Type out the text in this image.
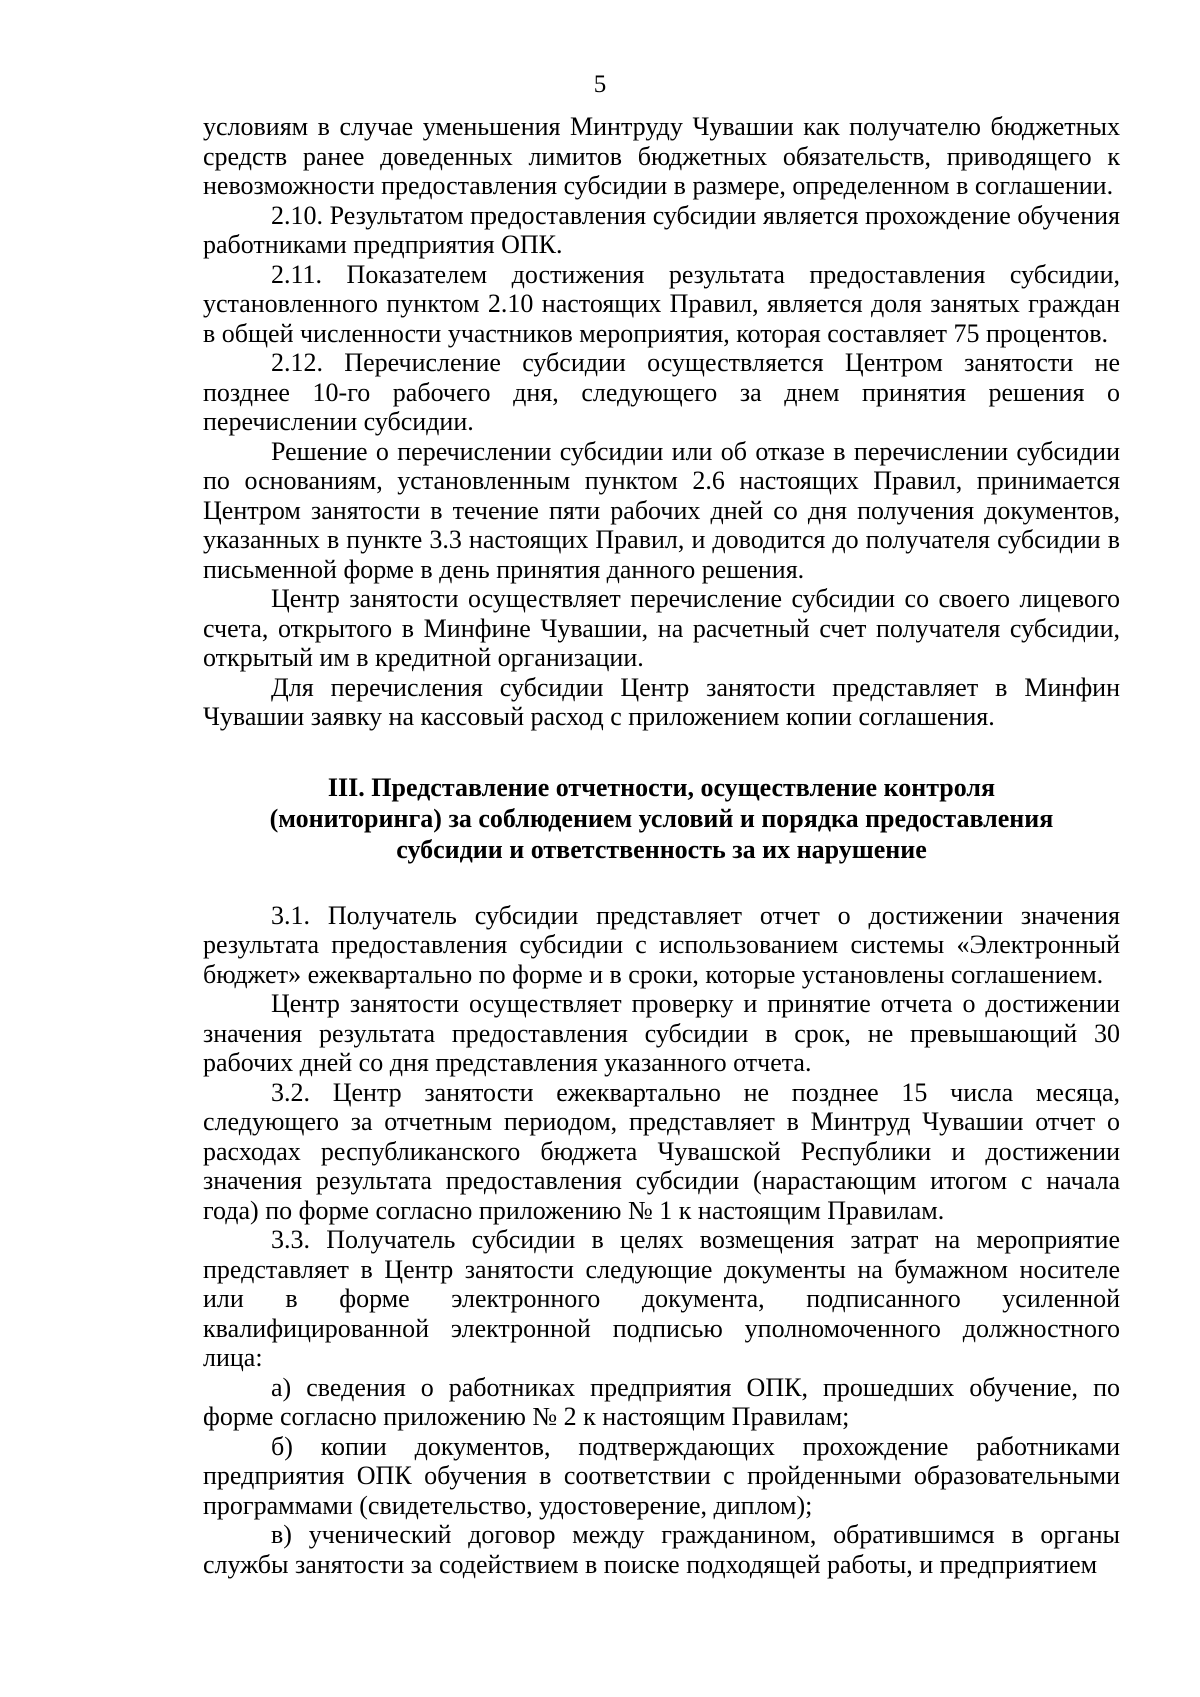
5

условиям в случае уменьшения Минтруду Чувашии как получателю бюджетных средств ранее доведенных лимитов бюджетных обязательств, приводящего к невозможности предоставления субсидии в размере, определенном в соглашении.

2.10. Результатом предоставления субсидии является прохождение обучения работниками предприятия ОПК.

2.11. Показателем достижения результата предоставления субсидии, установленного пунктом 2.10 настоящих Правил, является доля занятых граждан в общей численности участников мероприятия, которая составляет 75 процентов.

2.12. Перечисление субсидии осуществляется Центром занятости не позднее 10-го рабочего дня, следующего за днем принятия решения о перечислении субсидии.

Решение о перечислении субсидии или об отказе в перечислении субсидии по основаниям, установленным пунктом 2.6 настоящих Правил, принимается Центром занятости в течение пяти рабочих дней со дня получения документов, указанных в пункте 3.3 настоящих Правил, и доводится до получателя субсидии в письменной форме в день принятия данного решения.

Центр занятости осуществляет перечисление субсидии со своего лицевого счета, открытого в Минфине Чувашии, на расчетный счет получателя субсидии, открытый им в кредитной организации.

Для перечисления субсидии Центр занятости представляет в Минфин Чувашии заявку на кассовый расход с приложением копии соглашения.

III. Представление отчетности, осуществление контроля
(мониторинга) за соблюдением условий и порядка предоставления
субсидии и ответственность за их нарушение

3.1. Получатель субсидии представляет отчет о достижении значения результата предоставления субсидии с использованием системы «Электронный бюджет» ежеквартально по форме и в сроки, которые установлены соглашением.

Центр занятости осуществляет проверку и принятие отчета о достижении значения результата предоставления субсидии в срок, не превышающий 30 рабочих дней со дня представления указанного отчета.

3.2. Центр занятости ежеквартально не позднее 15 числа месяца, следующего за отчетным периодом, представляет в Минтруд Чувашии отчет о расходах республиканского бюджета Чувашской Республики и достижении значения результата предоставления субсидии (нарастающим итогом с начала года) по форме согласно приложению № 1 к настоящим Правилам.

3.3. Получатель субсидии в целях возмещения затрат на мероприятие представляет в Центр занятости следующие документы на бумажном носителе или в форме электронного документа, подписанного усиленной квалифицированной электронной подписью уполномоченного должностного лица:

а) сведения о работниках предприятия ОПК, прошедших обучение, по форме согласно приложению № 2 к настоящим Правилам;

б) копии документов, подтверждающих прохождение работниками предприятия ОПК обучения в соответствии с пройденными образовательными программами (свидетельство, удостоверение, диплом);

в) ученический договор между гражданином, обратившимся в органы службы занятости за содействием в поиске подходящей работы, и предприятием
